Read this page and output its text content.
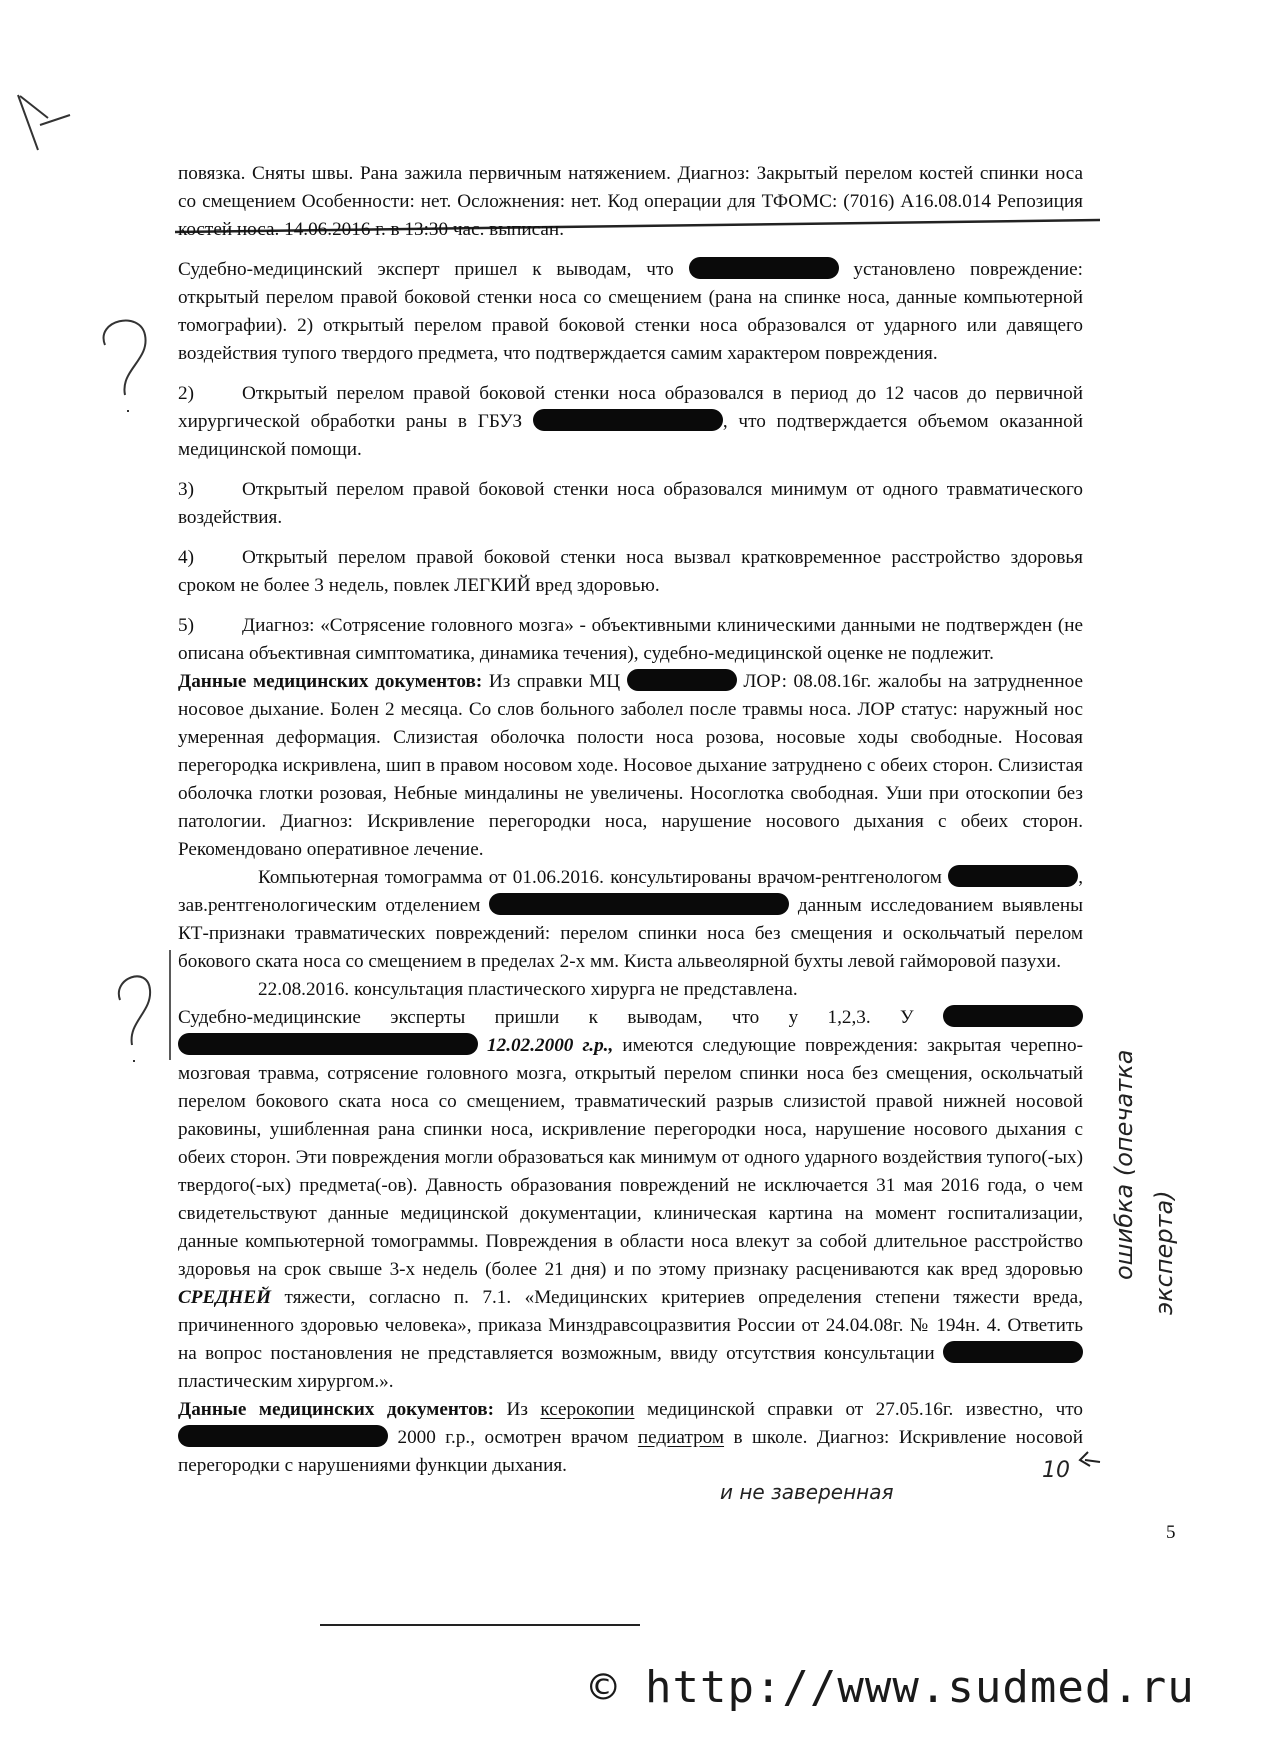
повязка. Сняты швы. Рана зажила первичным натяжением. Диагноз: Закрытый перелом костей спинки носа со смещением Особенности: нет. Осложнения: нет. Код операции для ТФОМС: (7016) А16.08.014 Репозиция костей носа. 14.06.2016 г. в 13:30 час. выписан.

Судебно-медицинский эксперт пришел к выводам, что	установлено повреждение: открытый перелом правой боковой стенки носа со смещением (рана на спинке носа, данные компьютерной томографии). 2) открытый перелом правой боковой стенки носа образовался от ударного или давящего воздействия тупого твердого предмета, что подтверждается самим характером повреждения.

2)	Открытый перелом правой боковой стенки носа образовался в период до 12 часов до первичной хирургической обработки раны в ГБУЗ	, что подтверждается объемом оказанной медицинской помощи.

3)	Открытый перелом правой боковой стенки носа образовался минимум от одного травматического воздействия.

4)	Открытый перелом правой боковой стенки носа вызвал кратковременное расстройство здоровья сроком не более 3 недель, повлек ЛЕГКИЙ вред здоровью.

5)	Диагноз: «Сотрясение головного мозга» - объективными клиническими данными не подтвержден (не описана объективная симптоматика, динамика течения), судебно-медицинской оценке не подлежит.

Данные медицинских документов: Из справки МЦ	ЛОР: 08.08.16г. жалобы на затрудненное носовое дыхание. Болен 2 месяца. Со слов больного заболел после травмы носа. ЛОР статус: наружный нос умеренная деформация. Слизистая оболочка полости носа розова, носовые ходы свободные. Носовая перегородка искривлена, шип в правом носовом ходе. Носовое дыхание затруднено с обеих сторон. Слизистая оболочка глотки розовая, Небные миндалины не увеличены. Носоглотка свободная. Уши при отоскопии без патологии. Диагноз: Искривление перегородки носа, нарушение носового дыхания с обеих сторон. Рекомендовано оперативное лечение.

Компьютерная томограмма от 01.06.2016. консультированы врачом-рентгенологом	, зав.рентгенологическим отделением	данным исследованием выявлены КТ-признаки травматических повреждений: перелом спинки носа без смещения и оскольчатый перелом бокового ската носа со смещением в пределах 2-х мм. Киста альвеолярной бухты левой гайморовой пазухи.

22.08.2016. консультация пластического хирурга не представлена.

Судебно-медицинские эксперты пришли к выводам, что у 1,2,3. У   12.02.2000 г.р., имеются следующие повреждения: закрытая черепно-мозговая травма, сотрясение головного мозга, открытый перелом спинки носа без смещения, оскольчатый перелом бокового ската носа со смещением, травматический разрыв слизистой правой нижней носовой раковины, ушибленная рана спинки носа, искривление перегородки носа, нарушение носового дыхания с обеих сторон. Эти повреждения могли образоваться как минимум от одного ударного воздействия тупого(-ых) твердого(-ых) предмета(-ов). Давность образования повреждений не исключается 31 мая 2016 года, о чем свидетельствуют данные медицинской документации, клиническая картина на момент госпитализации, данные компьютерной томограммы. Повреждения в области носа влекут за собой длительное расстройство здоровья на срок свыше 3-х недель (более 21 дня) и по этому признаку расцениваются как вред здоровью СРЕДНЕЙ тяжести, согласно п. 7.1. «Медицинских критериев определения степени тяжести вреда, причиненного здоровью человека», приказа Минздравсоцразвития России от 24.04.08г. № 194н. 4. Ответить на вопрос постановления не представляется возможным, ввиду отсутствия консультации  пластическим хирургом.».

Данные медицинских документов: Из ксерокопии медицинской справки от 27.05.16г. известно, что  2000 г.р., осмотрен врачом педиатром в школе. Диагноз: Искривление носовой перегородки с нарушениями функции дыхания.

и не заверенная
10
ошибка (опечатка эксперта)
5
© http://www.sudmed.ru
